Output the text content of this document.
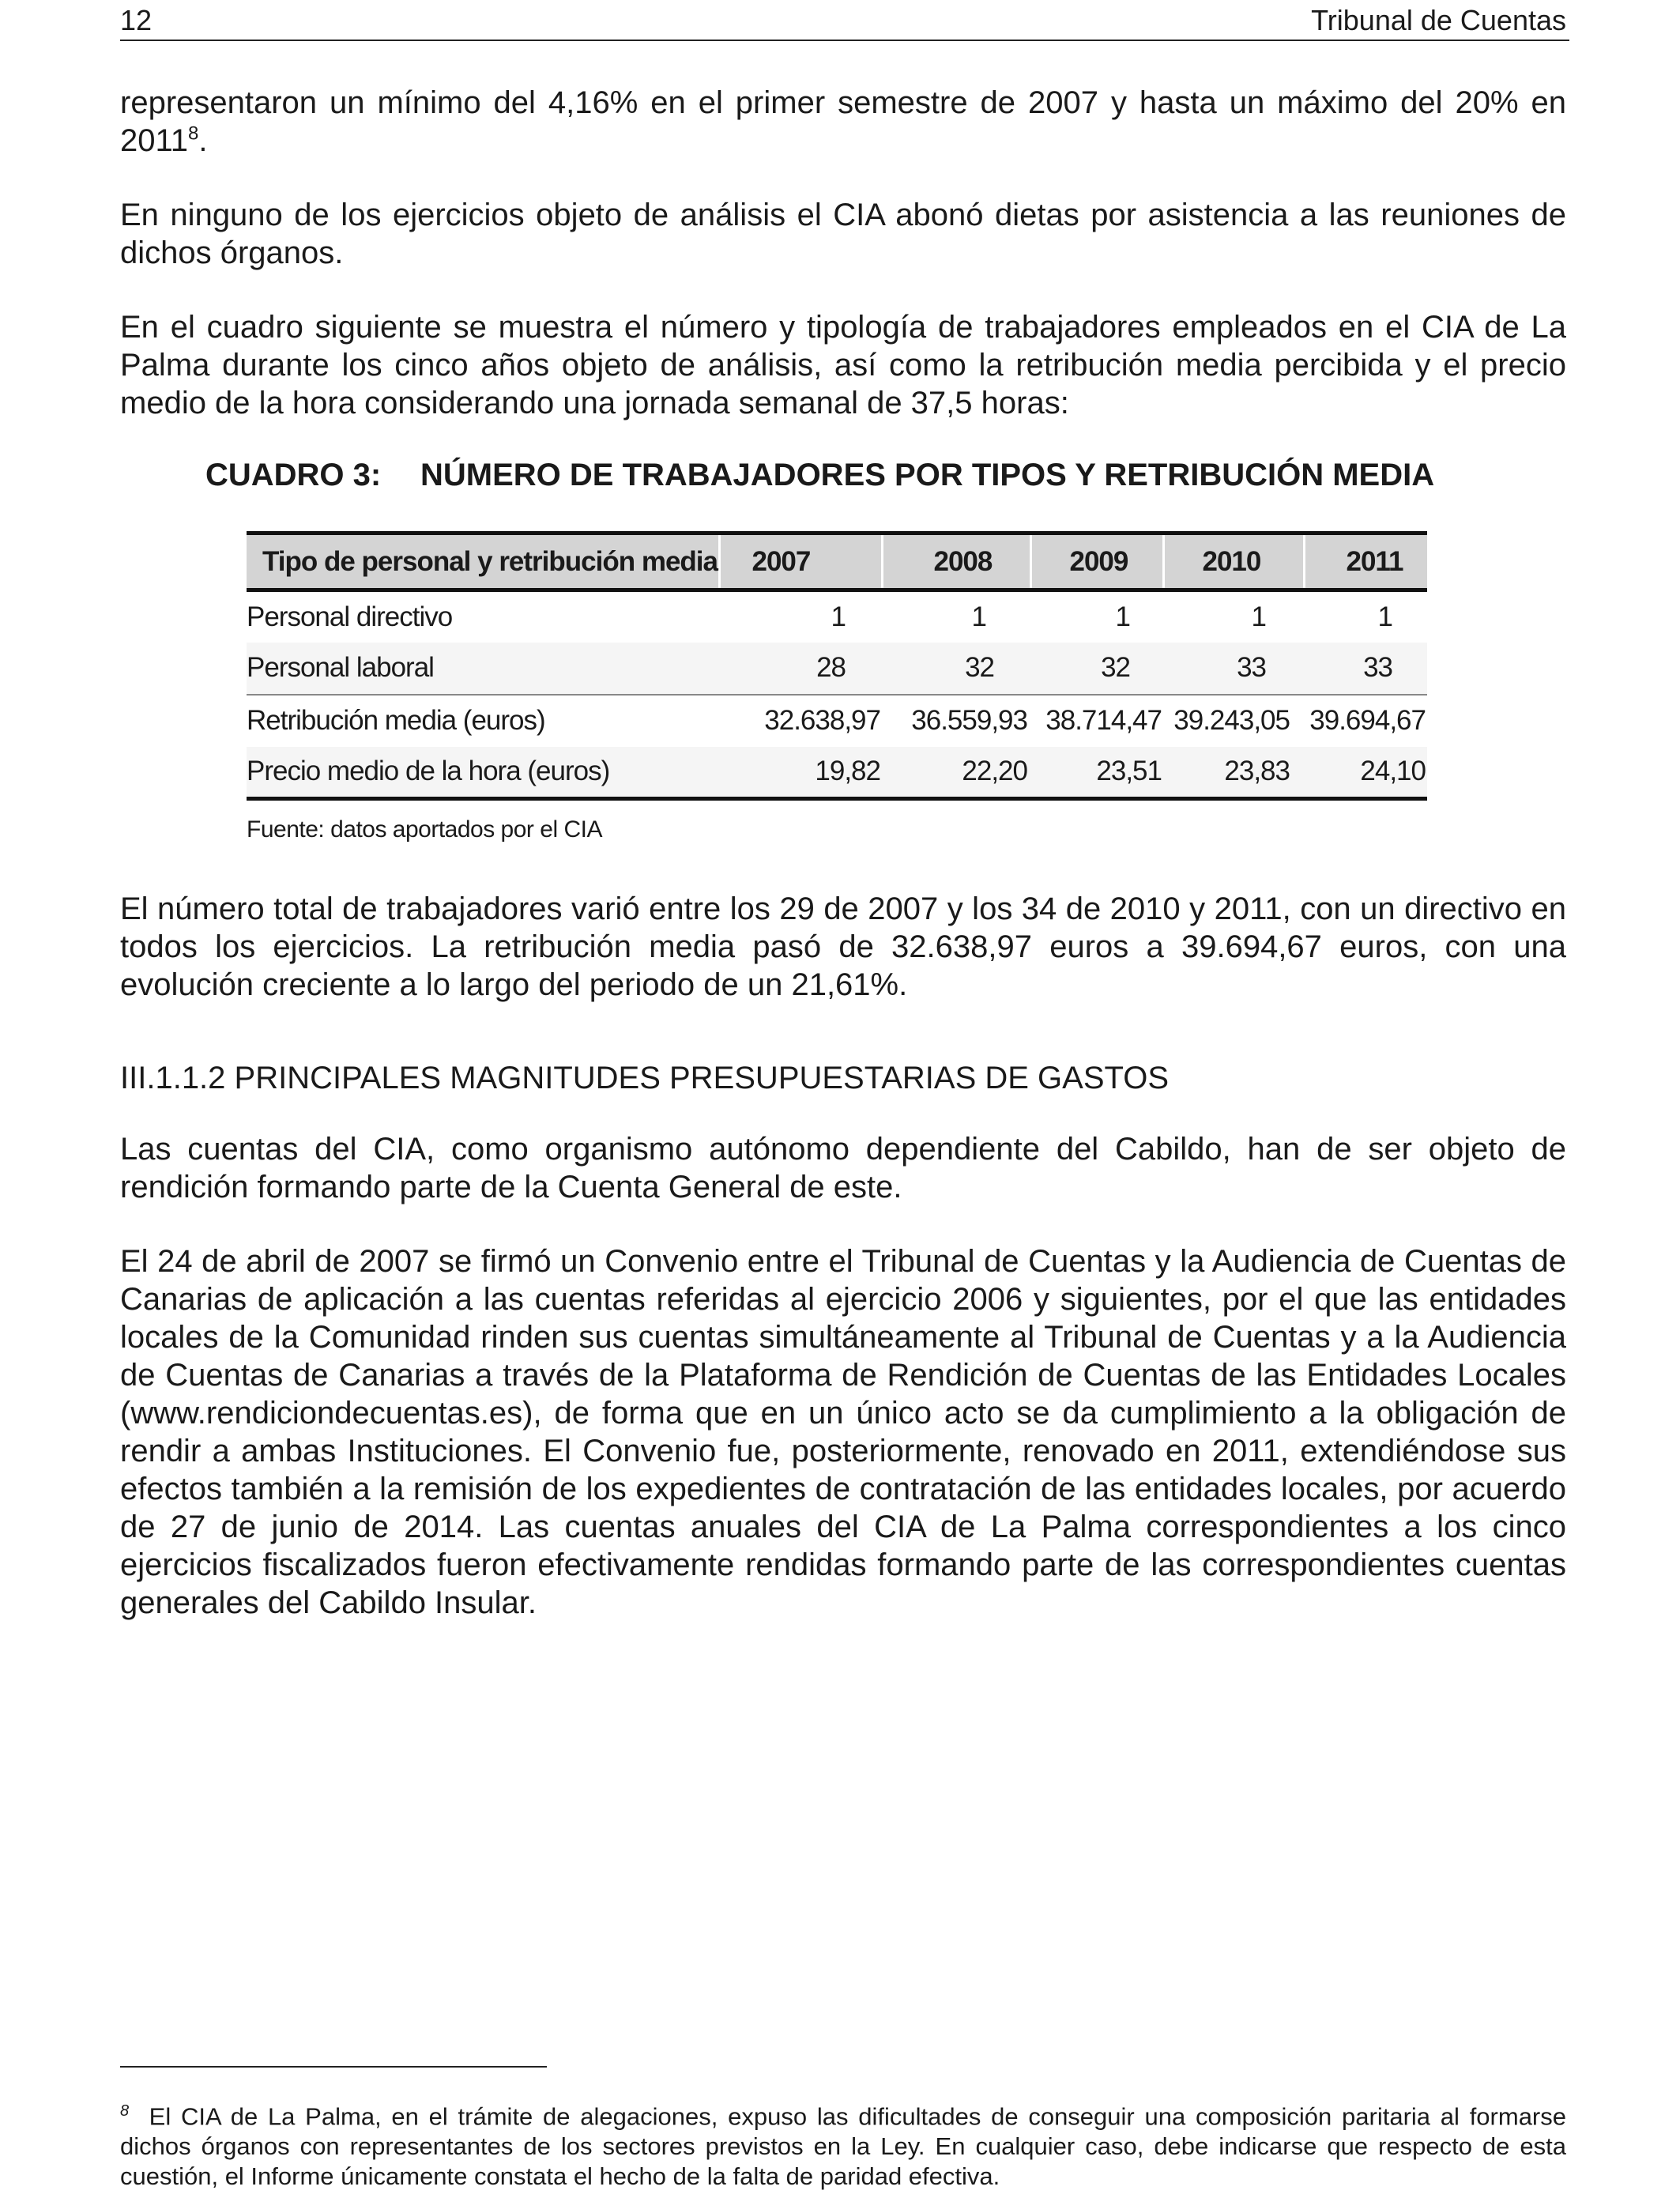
12	Tribunal de Cuentas

representaron un mínimo del 4,16% en el primer semestre de 2007 y hasta un máximo del 20% en 2011$^8$.

En ninguno de los ejercicios objeto de análisis el CIA abonó dietas por asistencia a las reuniones de dichos órganos.

En el cuadro siguiente se muestra el número y tipología de trabajadores empleados en el CIA de La Palma durante los cinco años objeto de análisis, así como la retribución media percibida y el precio medio de la hora considerando una jornada semanal de 37,5 horas:

CUADRO 3: NÚMERO DE TRABAJADORES POR TIPOS Y RETRIBUCIÓN MEDIA
Tipo de personal y retribución media	2007	2008	2009	2010	2011
Personal directivo	1	1	1	1	1
Personal laboral	28	32	32	33	33
Retribución media (euros)	32.638,97	36.559,93	38.714,47	39.243,05	39.694,67
Precio medio de la hora (euros)	19,82	22,20	23,51	23,83	24,10
Fuente: datos aportados por el CIA

El número total de trabajadores varió entre los 29 de 2007 y los 34 de 2010 y 2011, con un directivo en todos los ejercicios. La retribución media pasó de 32.638,97 euros a 39.694,67 euros, con una evolución creciente a lo largo del periodo de un 21,61%.

III.1.1.2 PRINCIPALES MAGNITUDES PRESUPUESTARIAS DE GASTOS

Las cuentas del CIA, como organismo autónomo dependiente del Cabildo, han de ser objeto de rendición formando parte de la Cuenta General de este.

El 24 de abril de 2007 se firmó un Convenio entre el Tribunal de Cuentas y la Audiencia de Cuentas de Canarias de aplicación a las cuentas referidas al ejercicio 2006 y siguientes, por el que las entidades locales de la Comunidad rinden sus cuentas simultáneamente al Tribunal de Cuentas y a la Audiencia de Cuentas de Canarias a través de la Plataforma de Rendición de Cuentas de las Entidades Locales (www.rendiciondecuentas.es), de forma que en un único acto se da cumplimiento a la obligación de rendir a ambas Instituciones. El Convenio fue, posteriormente, renovado en 2011, extendiéndose sus efectos también a la remisión de los expedientes de contratación de las entidades locales, por acuerdo de 27 de junio de 2014. Las cuentas anuales del CIA de La Palma correspondientes a los cinco ejercicios fiscalizados fueron efectivamente rendidas formando parte de las correspondientes cuentas generales del Cabildo Insular.

$^8$ El CIA de La Palma, en el trámite de alegaciones, expuso las dificultades de conseguir una composición paritaria al formarse dichos órganos con representantes de los sectores previstos en la Ley. En cualquier caso, debe indicarse que respecto de esta cuestión, el Informe únicamente constata el hecho de la falta de paridad efectiva.
